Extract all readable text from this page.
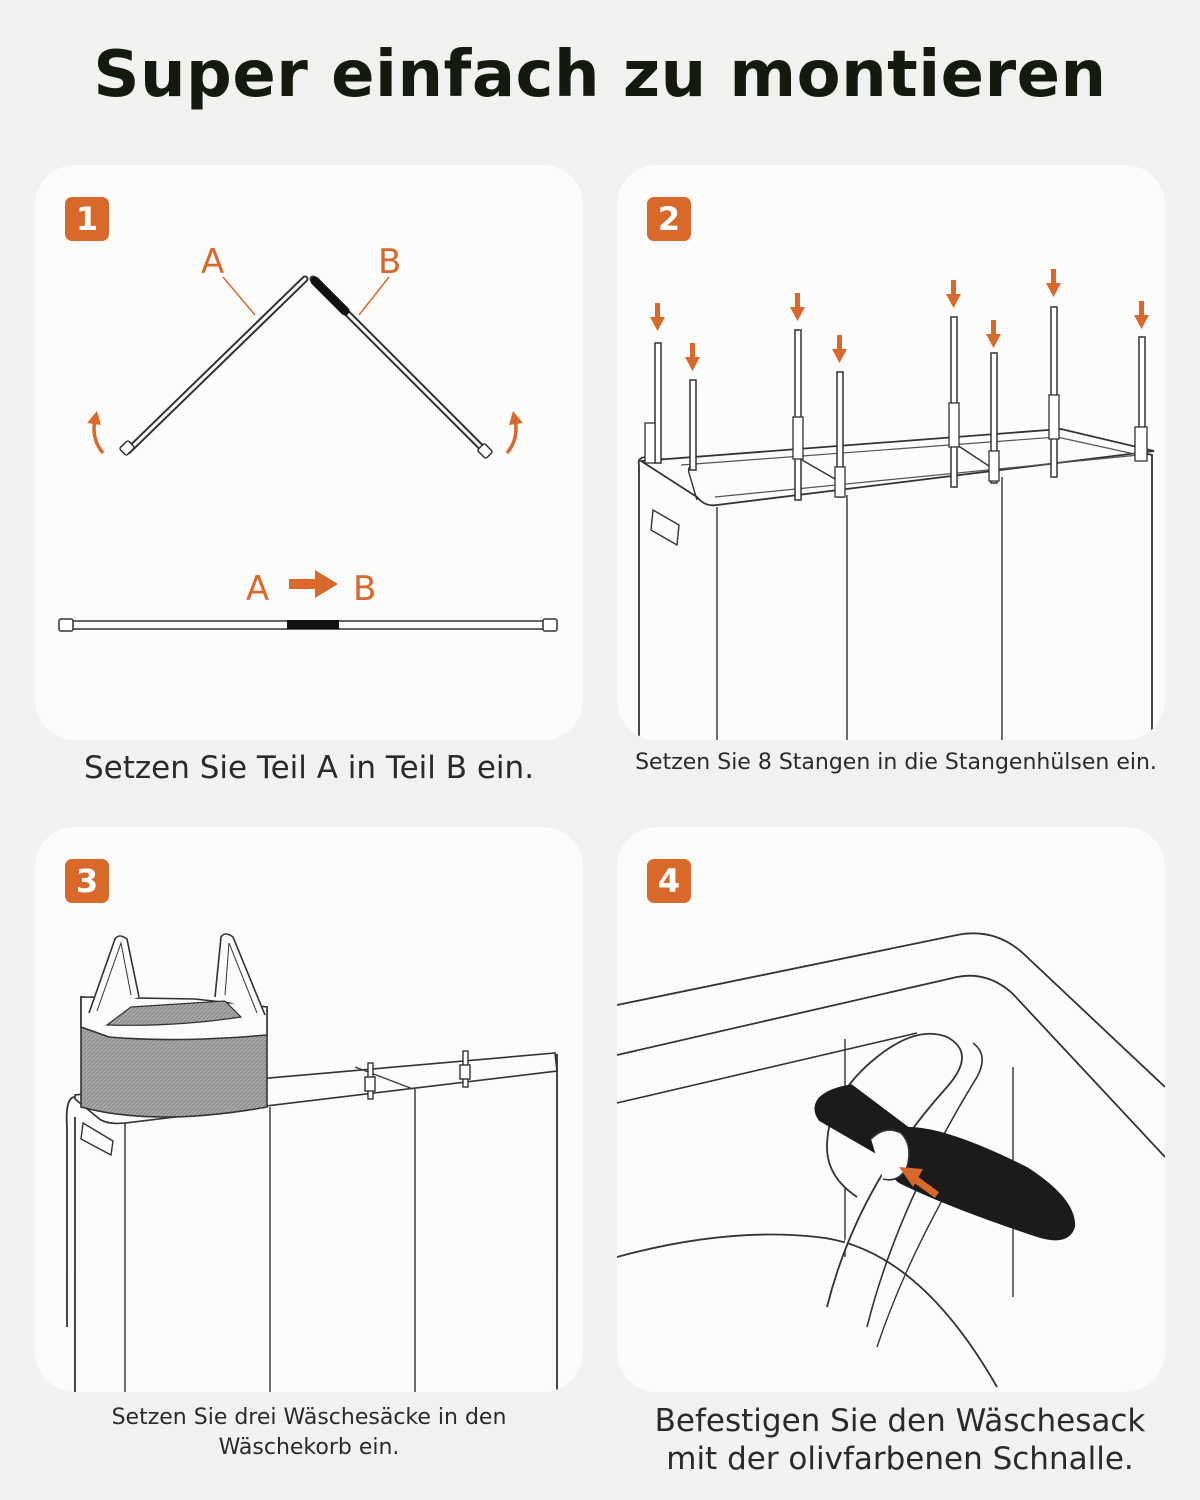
Super einfach zu montieren
1
A	B
A B
Setzen Sie Teil A in Teil B ein.
2
Setzen Sie 8 Stangen in die Stangenhülsen ein.
3
Setzen Sie drei Wäschesäcke in den
Wäschekorb ein.
4
Befestigen Sie den Wäschesack
mit der olivfarbenen Schnalle.
